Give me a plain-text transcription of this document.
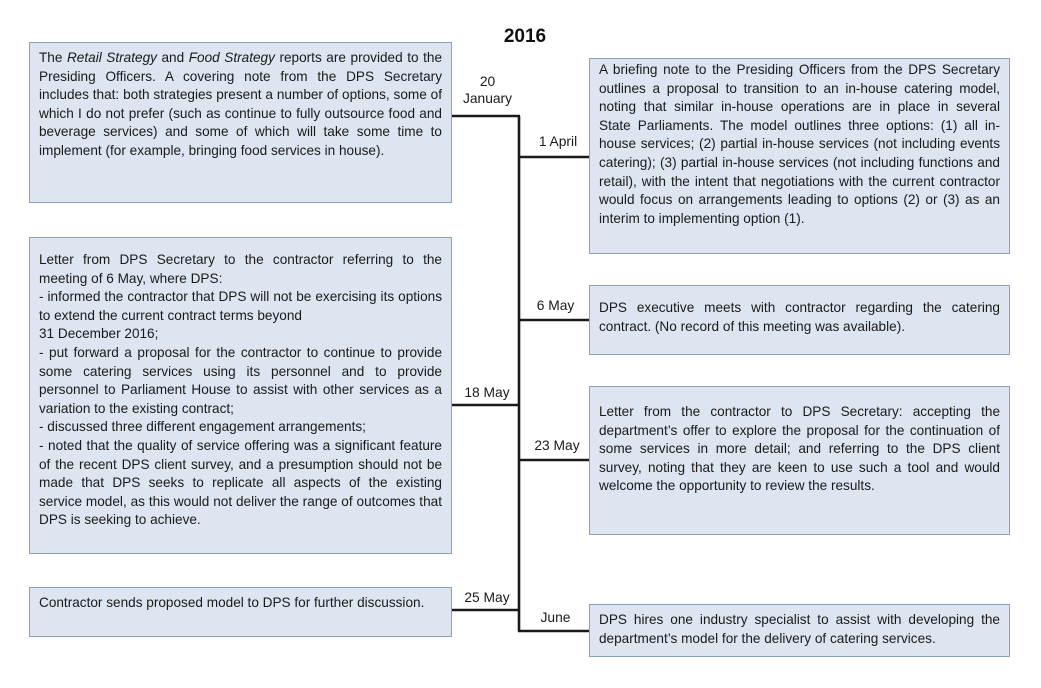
2016
20
January
1 April
6 May
18 May
23 May
25 May
June

The Retail Strategy and Food Strategy reports are provided to the Presiding Officers. A covering note from the DPS Secretary includes that: both strategies present a number of options, some of which I do not prefer (such as continue to fully outsource food and beverage services) and some of which will take some time to implement (for example, bringing food services in house).

Letter from DPS Secretary to the contractor referring to the meeting of 6 May, where DPS:

- informed the contractor that DPS will not be exercising its options to extend the current contract terms beyond

31 December 2016;

- put forward a proposal for the contractor to continue to provide some catering services using its personnel and to provide personnel to Parliament House to assist with other services as a variation to the existing contract;

- discussed three different engagement arrangements;

- noted that the quality of service offering was a significant feature of the recent DPS client survey, and a presumption should not be made that DPS seeks to replicate all aspects of the existing service model, as this would not deliver the range of outcomes that DPS is seeking to achieve.

Contractor sends proposed model to DPS for further discussion.

A briefing note to the Presiding Officers from the DPS Secretary outlines a proposal to transition to an in-house catering model, noting that similar in-house operations are in place in several State Parliaments. The model outlines three options: (1) all in-house services; (2) partial in-house services (not including events catering); (3) partial in-house services (not including functions and retail), with the intent that negotiations with the current contractor would focus on arrangements leading to options (2) or (3) as an interim to implementing option (1).

DPS executive meets with contractor regarding the catering contract. (No record of this meeting was available).

Letter from the contractor to DPS Secretary: accepting the department’s offer to explore the proposal for the continuation of some services in more detail; and referring to the DPS client survey, noting that they are keen to use such a tool and would welcome the opportunity to review the results.

DPS hires one industry specialist to assist with developing the department’s model for the delivery of catering services.
